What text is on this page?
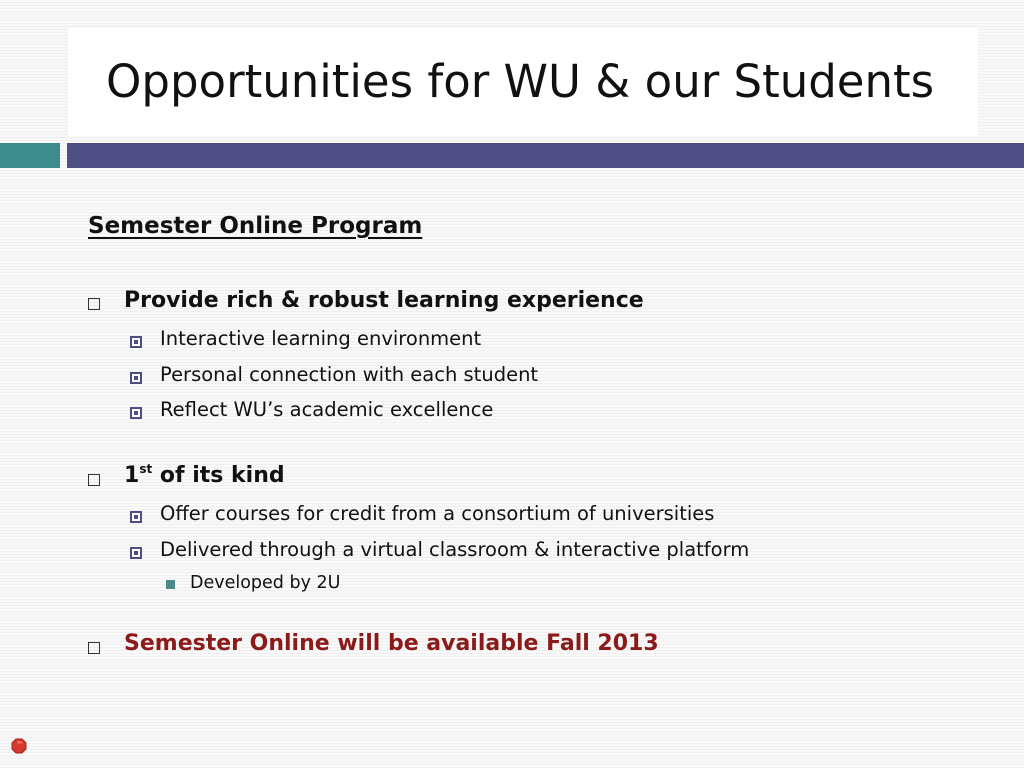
Opportunities for WU & our Students
Semester Online Program
Provide rich & robust learning experience
Interactive learning environment
Personal connection with each student
Reflect WU’s academic excellence
1st of its kind
Offer courses for credit from a consortium of universities
Delivered through a virtual classroom & interactive platform
Developed by 2U
Semester Online will be available Fall 2013
